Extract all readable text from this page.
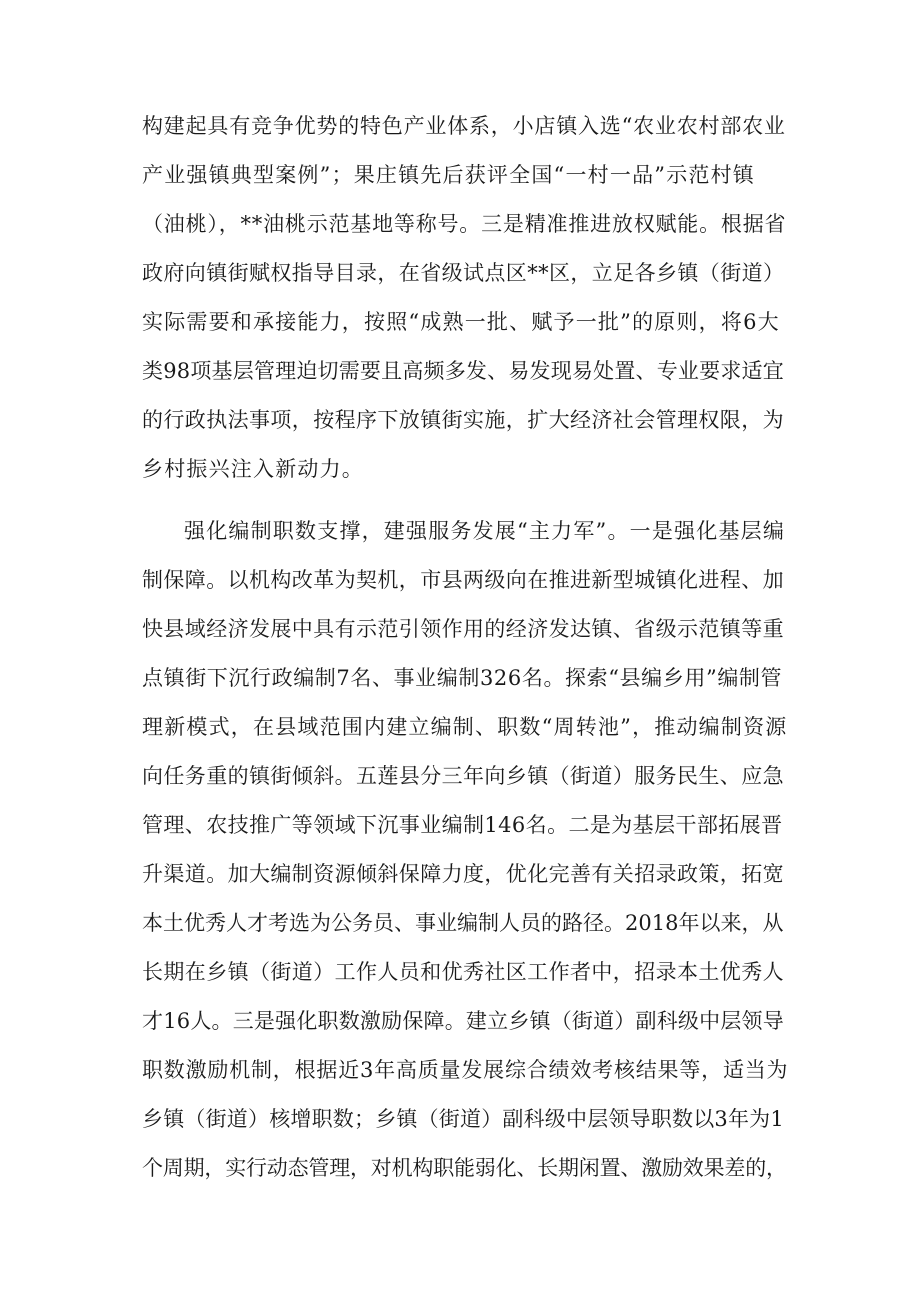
构建起具有竞争优势的特色产业体系，小店镇入选“农业农村部农业
产业强镇典型案例”；果庄镇先后获评全国“一村一品”示范村镇
（油桃），**油桃示范基地等称号。三是精准推进放权赋能。根据省
政府向镇街赋权指导目录，在省级试点区**区，立足各乡镇（街道）
实际需要和承接能力，按照“成熟一批、赋予一批”的原则，将6大
类98项基层管理迫切需要且高频多发、易发现易处置、专业要求适宜
的行政执法事项，按程序下放镇街实施，扩大经济社会管理权限，为
乡村振兴注入新动力。
强化编制职数支撑，建强服务发展“主力军”。一是强化基层编
制保障。以机构改革为契机，市县两级向在推进新型城镇化进程、加
快县域经济发展中具有示范引领作用的经济发达镇、省级示范镇等重
点镇街下沉行政编制7名、事业编制326名。探索“县编乡用”编制管
理新模式，在县域范围内建立编制、职数“周转池”，推动编制资源
向任务重的镇街倾斜。五莲县分三年向乡镇（街道）服务民生、应急
管理、农技推广等领域下沉事业编制146名。二是为基层干部拓展晋
升渠道。加大编制资源倾斜保障力度，优化完善有关招录政策，拓宽
本土优秀人才考选为公务员、事业编制人员的路径。2018年以来，从
长期在乡镇（街道）工作人员和优秀社区工作者中，招录本土优秀人
才16人。三是强化职数激励保障。建立乡镇（街道）副科级中层领导
职数激励机制，根据近3年高质量发展综合绩效考核结果等，适当为
乡镇（街道）核增职数；乡镇（街道）副科级中层领导职数以3年为1
个周期，实行动态管理，对机构职能弱化、长期闲置、激励效果差的，
